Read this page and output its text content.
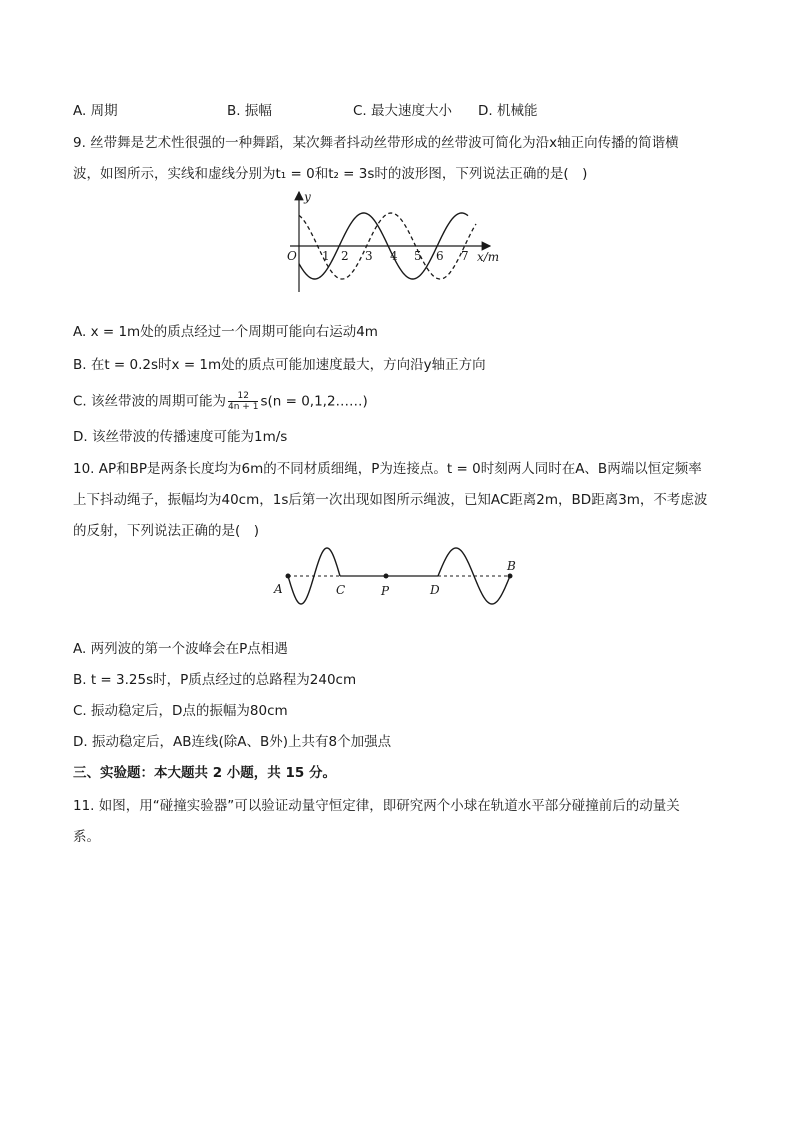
A. 周期	B. 振幅	C. 最大速度大小 D. 机械能
9. 丝带舞是艺术性很强的一种舞蹈，某次舞者抖动丝带形成的丝带波可简化为沿x轴正向传播的简谐横
波，如图所示，实线和虚线分别为t₁ = 0和t₂ = 3s时的波形图，下列说法正确的是(　)
y
O 1 2 3 4 5 6 7 x/m
A. x = 1m处的质点经过一个周期可能向右运动4m
B. 在t = 0.2s时x = 1m处的质点可能加速度最大，方向沿y轴正方向
C. 该丝带波的周期可能为 $\frac{12}{4n + 1} s(n$ = 0,1,2……)
D. 该丝带波的传播速度可能为1m/s
10. AP和BP是两条长度均为6m的不同材质细绳，P为连接点。t = 0时刻两人同时在A、B两端以恒定频率
上下抖动绳子，振幅均为40cm，1s后第一次出现如图所示绳波，已知AC距离2m，BD距离3m，不考虑波
的反射，下列说法正确的是(　)
A	C	P	D
B
A. 两列波的第一个波峰会在P点相遇
B. t = 3.25s时，P质点经过的总路程为240cm
C. 振动稳定后，D点的振幅为80cm
D. 振动稳定后，AB连线(除A、B外)上共有8个加强点
三、实验题：本大题共 2 小题，共 15 分。
11. 如图，用“碰撞实验器”可以验证动量守恒定律，即研究两个小球在轨道水平部分碰撞前后的动量关
系。
